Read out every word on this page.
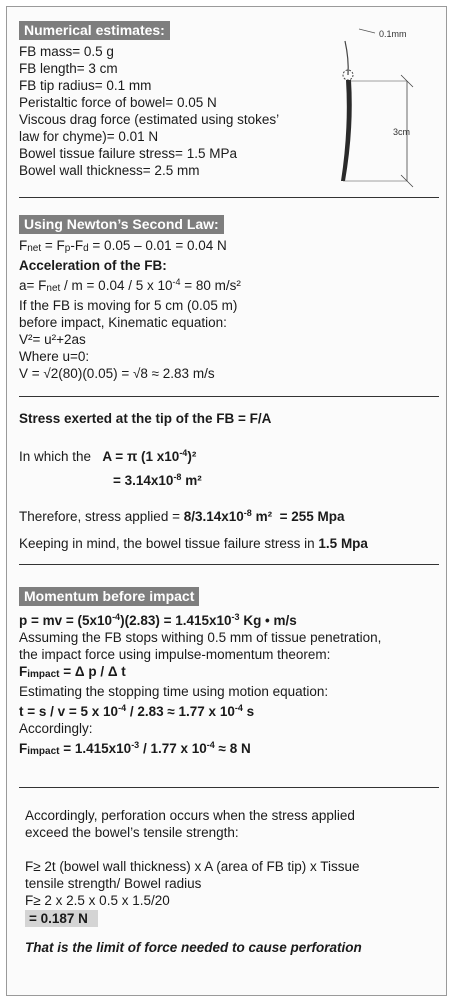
Numerical estimates:
FB mass= 0.5 g
FB length= 3 cm
FB tip radius= 0.1 mm
Peristaltic force of bowel= 0.05 N
Viscous drag force (estimated using stokes’
law for chyme)= 0.01 N
Bowel tissue failure stress= 1.5 MPa
Bowel wall thickness= 2.5 mm
0.1mm
3cm
Using Newton’s Second Law:
Fnet = Fp-Fd = 0.05 – 0.01 = 0.04 N
Acceleration of the FB:
a= Fnet / m = 0.04 / 5 x $10^{-4} = 80$ m/s²
If the FB is moving for 5 cm (0.05 m)
before impact, Kinematic equation:
V²= u²+2as
Where u=0:
V = √2(80)(0.05) = √8 ≈ 2.83 m/s
Stress exerted at the tip of the FB = F/A
In which the A = π (1 $x10^{-4})^2$
= $3.14x10^{-8}$ m²
Therefore, stress applied = $8/3.14x10^{-8}$ m² = 255 Mpa
Keeping in mind, the bowel tissue failure stress in 1.5 Mpa
Momentum before impact
p = mv = $(5x10^{-4})(2.83) = 1.415x10^{-3}$ Kg • m/s
Assuming the FB stops withing 0.5 mm of tissue penetration,
the impact force using impulse-momentum theorem:
Fimpact = Δ p / Δ t
Estimating the stopping time using motion equation:
t = s / v = 5 x $10^{-4} / 2.83 \approx 1.77$ x $10^{-4}$ s
Accordingly:
Fimpact = $1.415x10^{-3} / 1.77$ x $10^{-4} \approx 8$ N
Accordingly, perforation occurs when the stress applied
exceed the bowel’s tensile strength:
F≥ 2t (bowel wall thickness) x A (area of FB tip) x Tissue
tensile strength/ Bowel radius
F≥ 2 x 2.5 x 0.5 x 1.5/20
= 0.187 N
That is the limit of force needed to cause perforation
